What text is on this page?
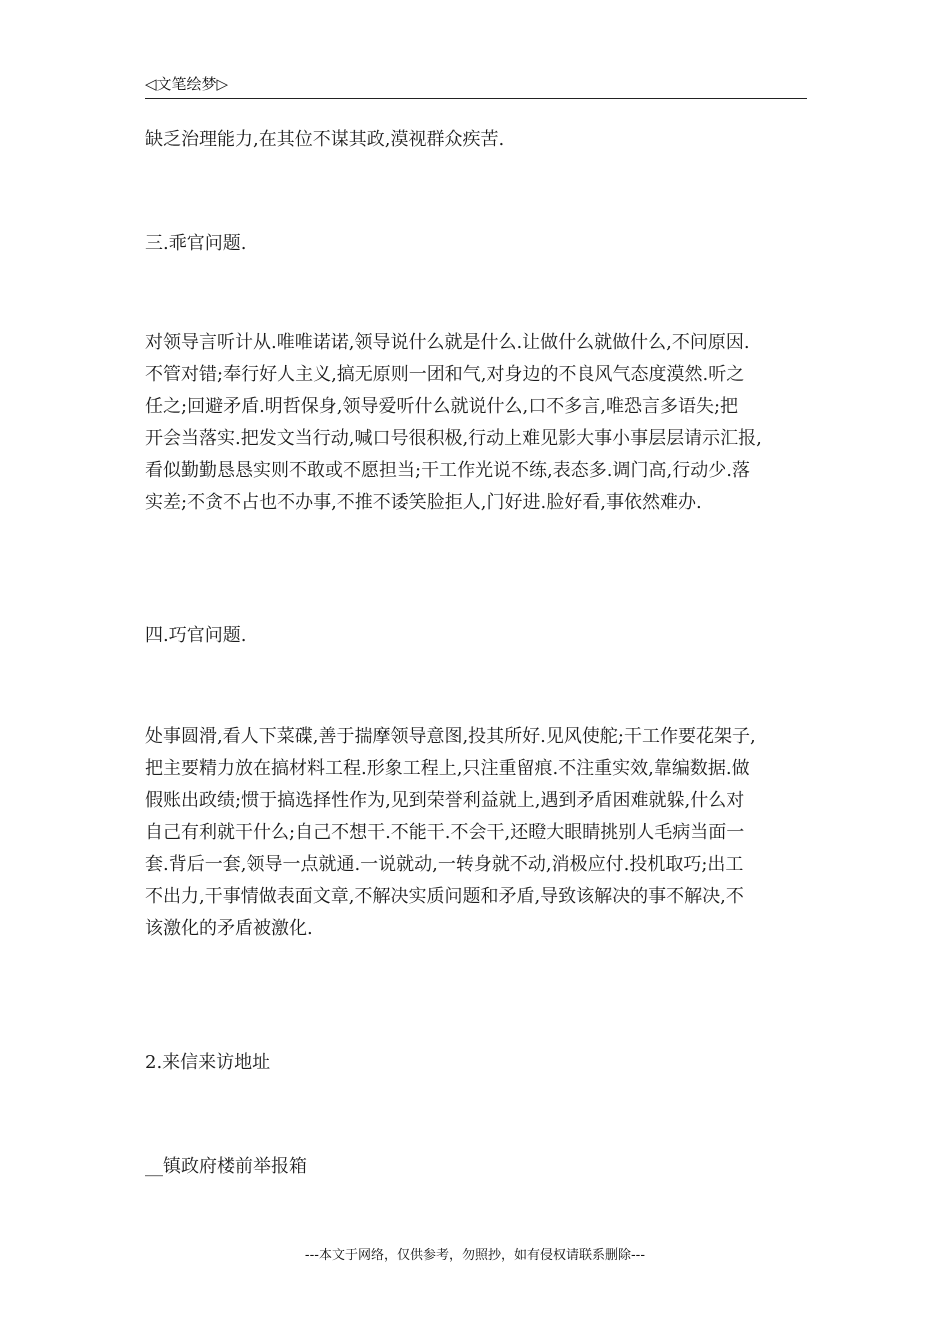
◁文笔绘梦▷
缺乏治理能力,在其位不谋其政,漠视群众疾苦.
三.乖官问题.
对领导言听计从.唯唯诺诺,领导说什么就是什么.让做什么就做什么,不问原因.
不管对错;奉行好人主义,搞无原则一团和气,对身边的不良风气态度漠然.听之
任之;回避矛盾.明哲保身,领导爱听什么就说什么,口不多言,唯恐言多语失;把
开会当落实.把发文当行动,喊口号很积极,行动上难见影大事小事层层请示汇报,
看似勤勤恳恳实则不敢或不愿担当;干工作光说不练,表态多.调门高,行动少.落
实差;不贪不占也不办事,不推不诿笑脸拒人,门好进.脸好看,事依然难办.
四.巧官问题.
处事圆滑,看人下菜碟,善于揣摩领导意图,投其所好.见风使舵;干工作要花架子,
把主要精力放在搞材料工程.形象工程上,只注重留痕.不注重实效,靠编数据.做
假账出政绩;惯于搞选择性作为,见到荣誉利益就上,遇到矛盾困难就躲,什么对
自己有利就干什么;自己不想干.不能干.不会干,还瞪大眼睛挑别人毛病当面一
套.背后一套,领导一点就通.一说就动,一转身就不动,消极应付.投机取巧;出工
不出力,干事情做表面文章,不解决实质问题和矛盾,导致该解决的事不解决,不
该激化的矛盾被激化.
2.来信来访地址
__镇政府楼前举报箱
---本文于网络，仅供参考，勿照抄，如有侵权请联系删除---
